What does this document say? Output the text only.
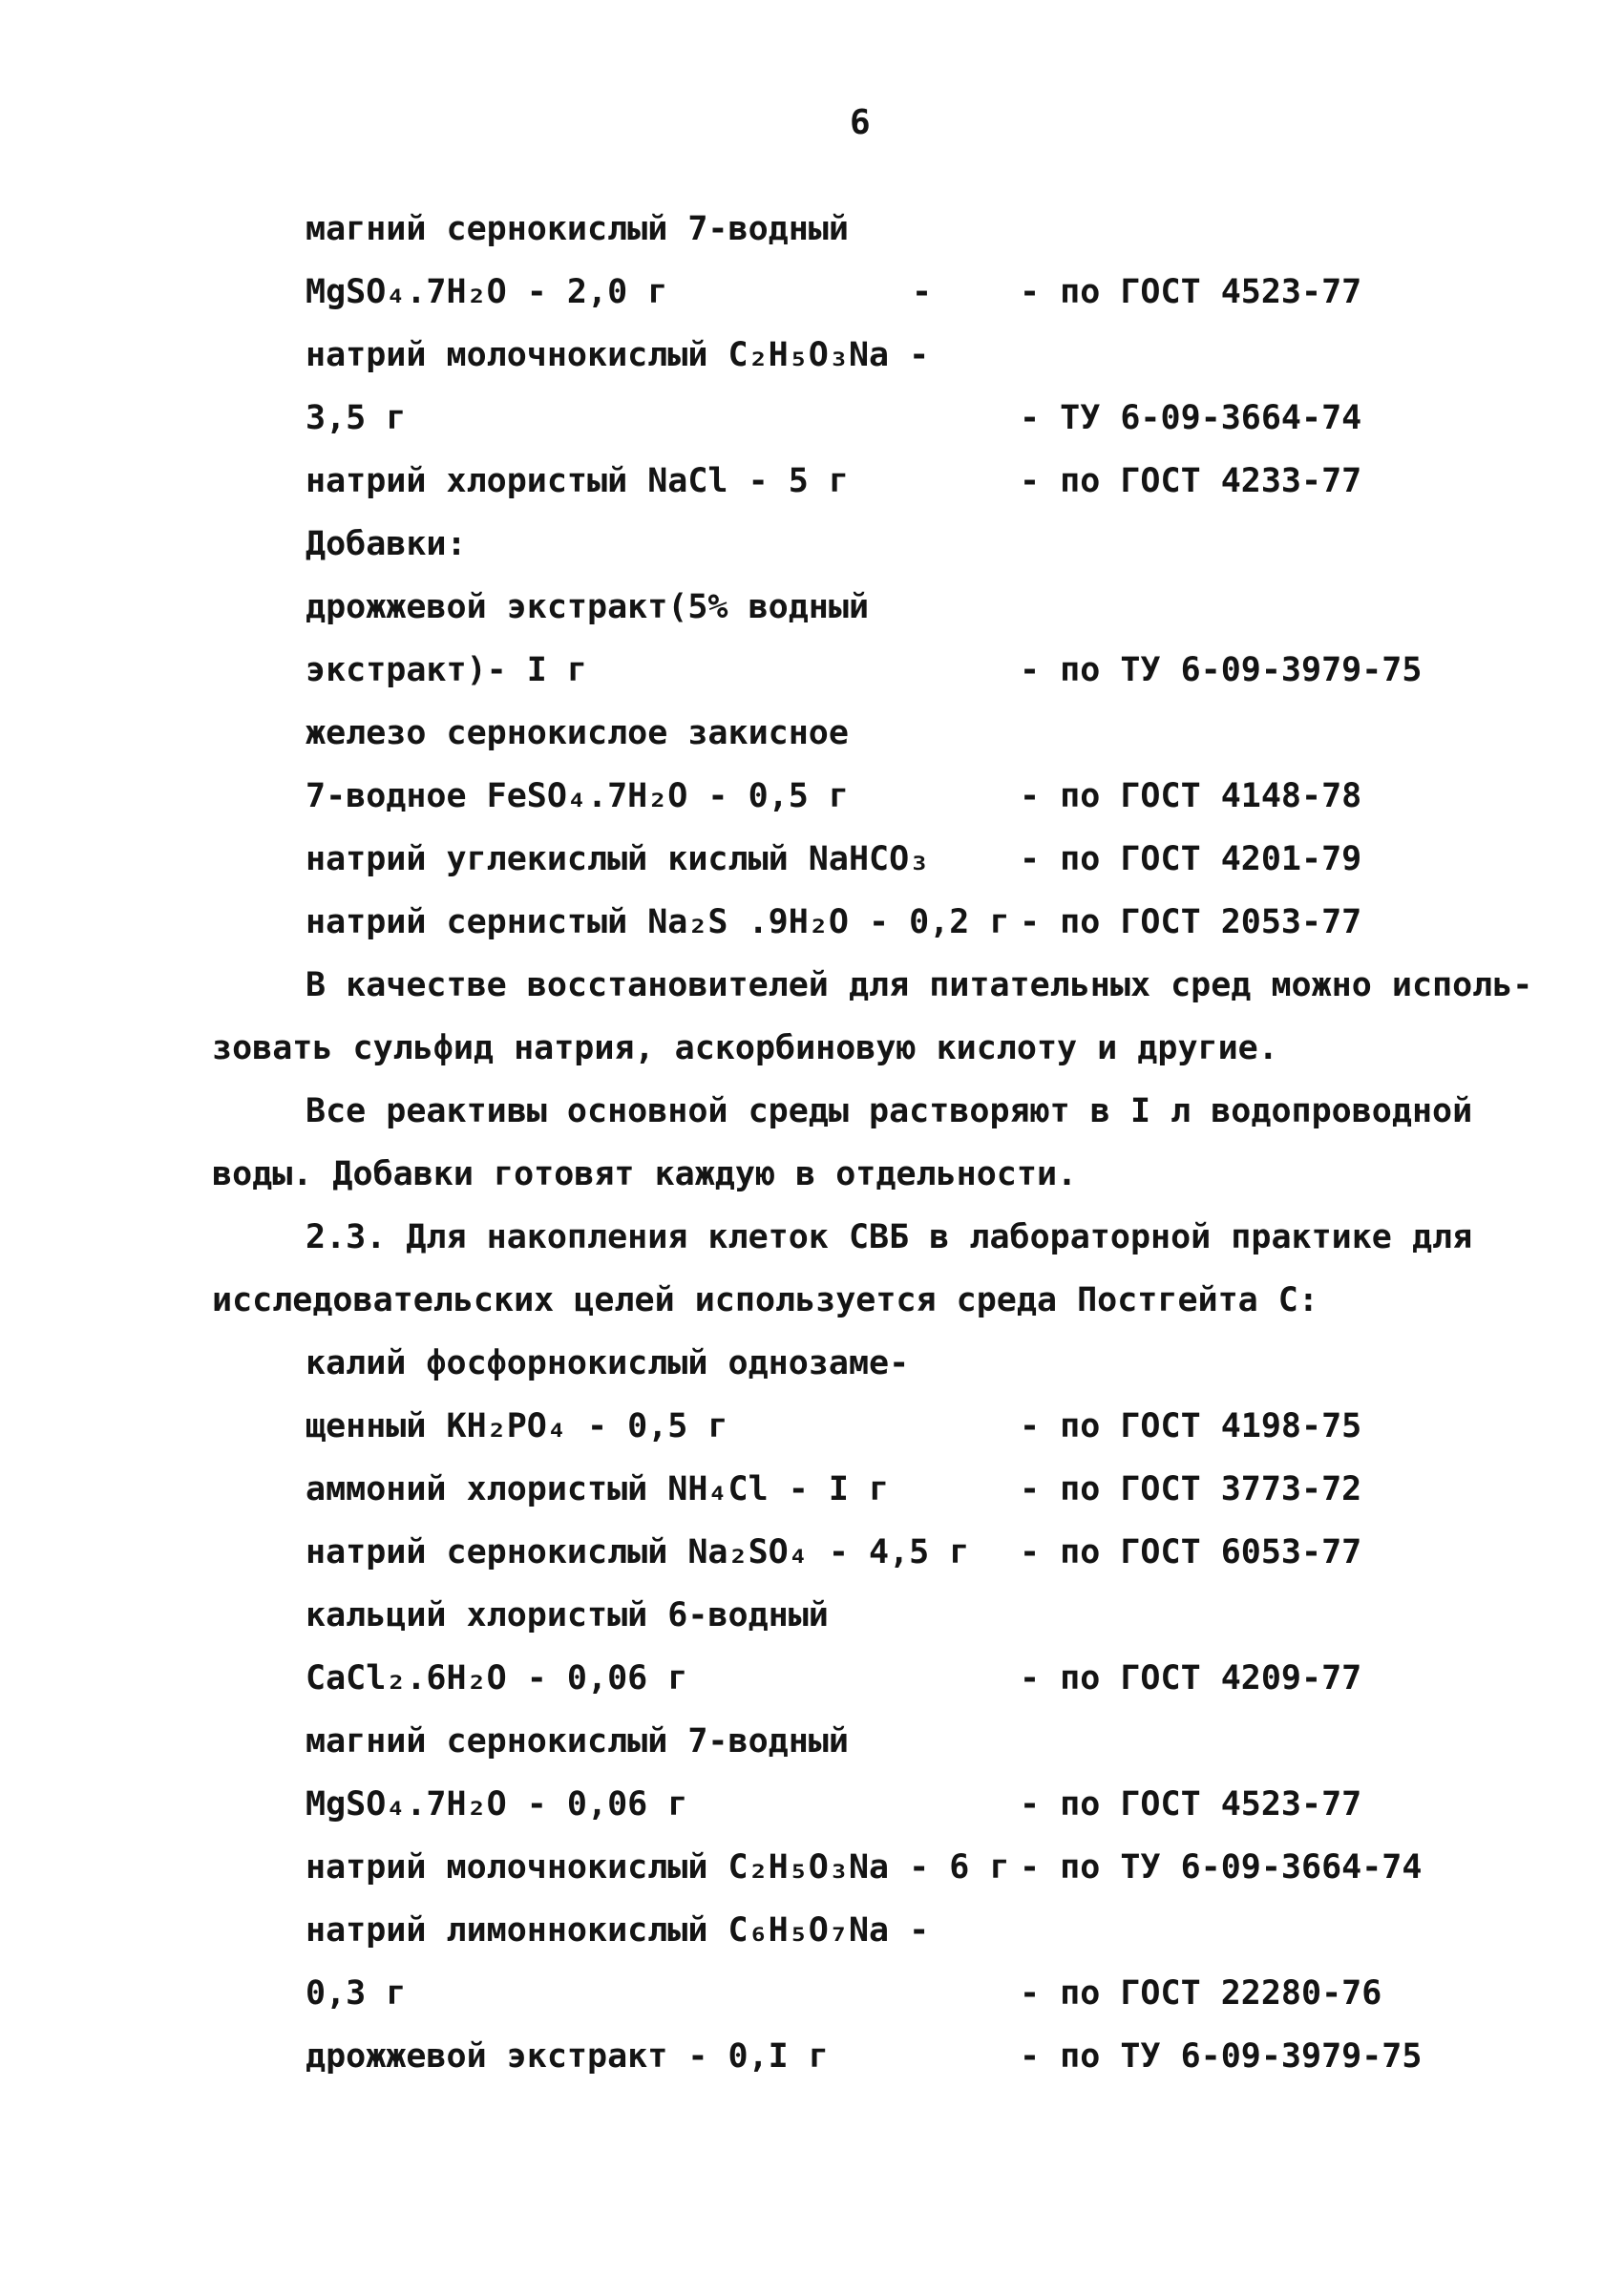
6
магний сернокислый 7-водный
MgSO₄.7H₂O - 2,0 г	-	- по ГОСТ 4523-77
натрий молочнокислый C₂H₅O₃Na -
3,5 г	- ТУ 6-09-3664-74
натрий хлористый NaCl - 5 г	- по ГОСТ 4233-77
Добавки:
дрожжевой экстракт(5% водный
экстракт)- I г	- по ТУ 6-09-3979-75
железо сернокислое закисное
7-водное FeSO₄.7H₂O - 0,5 г	- по ГОСТ 4148-78
натрий углекислый кислый NaHCO₃	- по ГОСТ 4201-79
натрий сернистый Na₂S .9H₂O - 0,2 г - по ГОСТ 2053-77
В качестве восстановителей для питательных сред можно исполь-
зовать сульфид натрия, аскорбиновую кислоту и другие.
Все реактивы основной среды растворяют в I л водопроводной
воды. Добавки готовят каждую в отдельности.
2.3. Для накопления клеток СВБ в лабораторной практике для
исследовательских целей используется среда Постгейта С:
калий фосфорнокислый однозаме-
щенный KH₂PO₄ - 0,5 г	- по ГОСТ 4198-75
аммоний хлористый NH₄Cl - I г	- по ГОСТ 3773-72
натрий сернокислый Na₂SO₄ - 4,5 г - по ГОСТ 6053-77
кальций хлористый 6-водный
CaCl₂.6H₂O - 0,06 г	- по ГОСТ 4209-77
магний сернокислый 7-водный
MgSO₄.7H₂O - 0,06 г	- по ГОСТ 4523-77
натрий молочнокислый C₂H₅O₃Na - 6 г - по ТУ 6-09-3664-74
натрий лимоннокислый C₆H₅O₇Na -
0,3 г	- по ГОСТ 22280-76
дрожжевой экстракт - 0,I г	- по ТУ 6-09-3979-75
